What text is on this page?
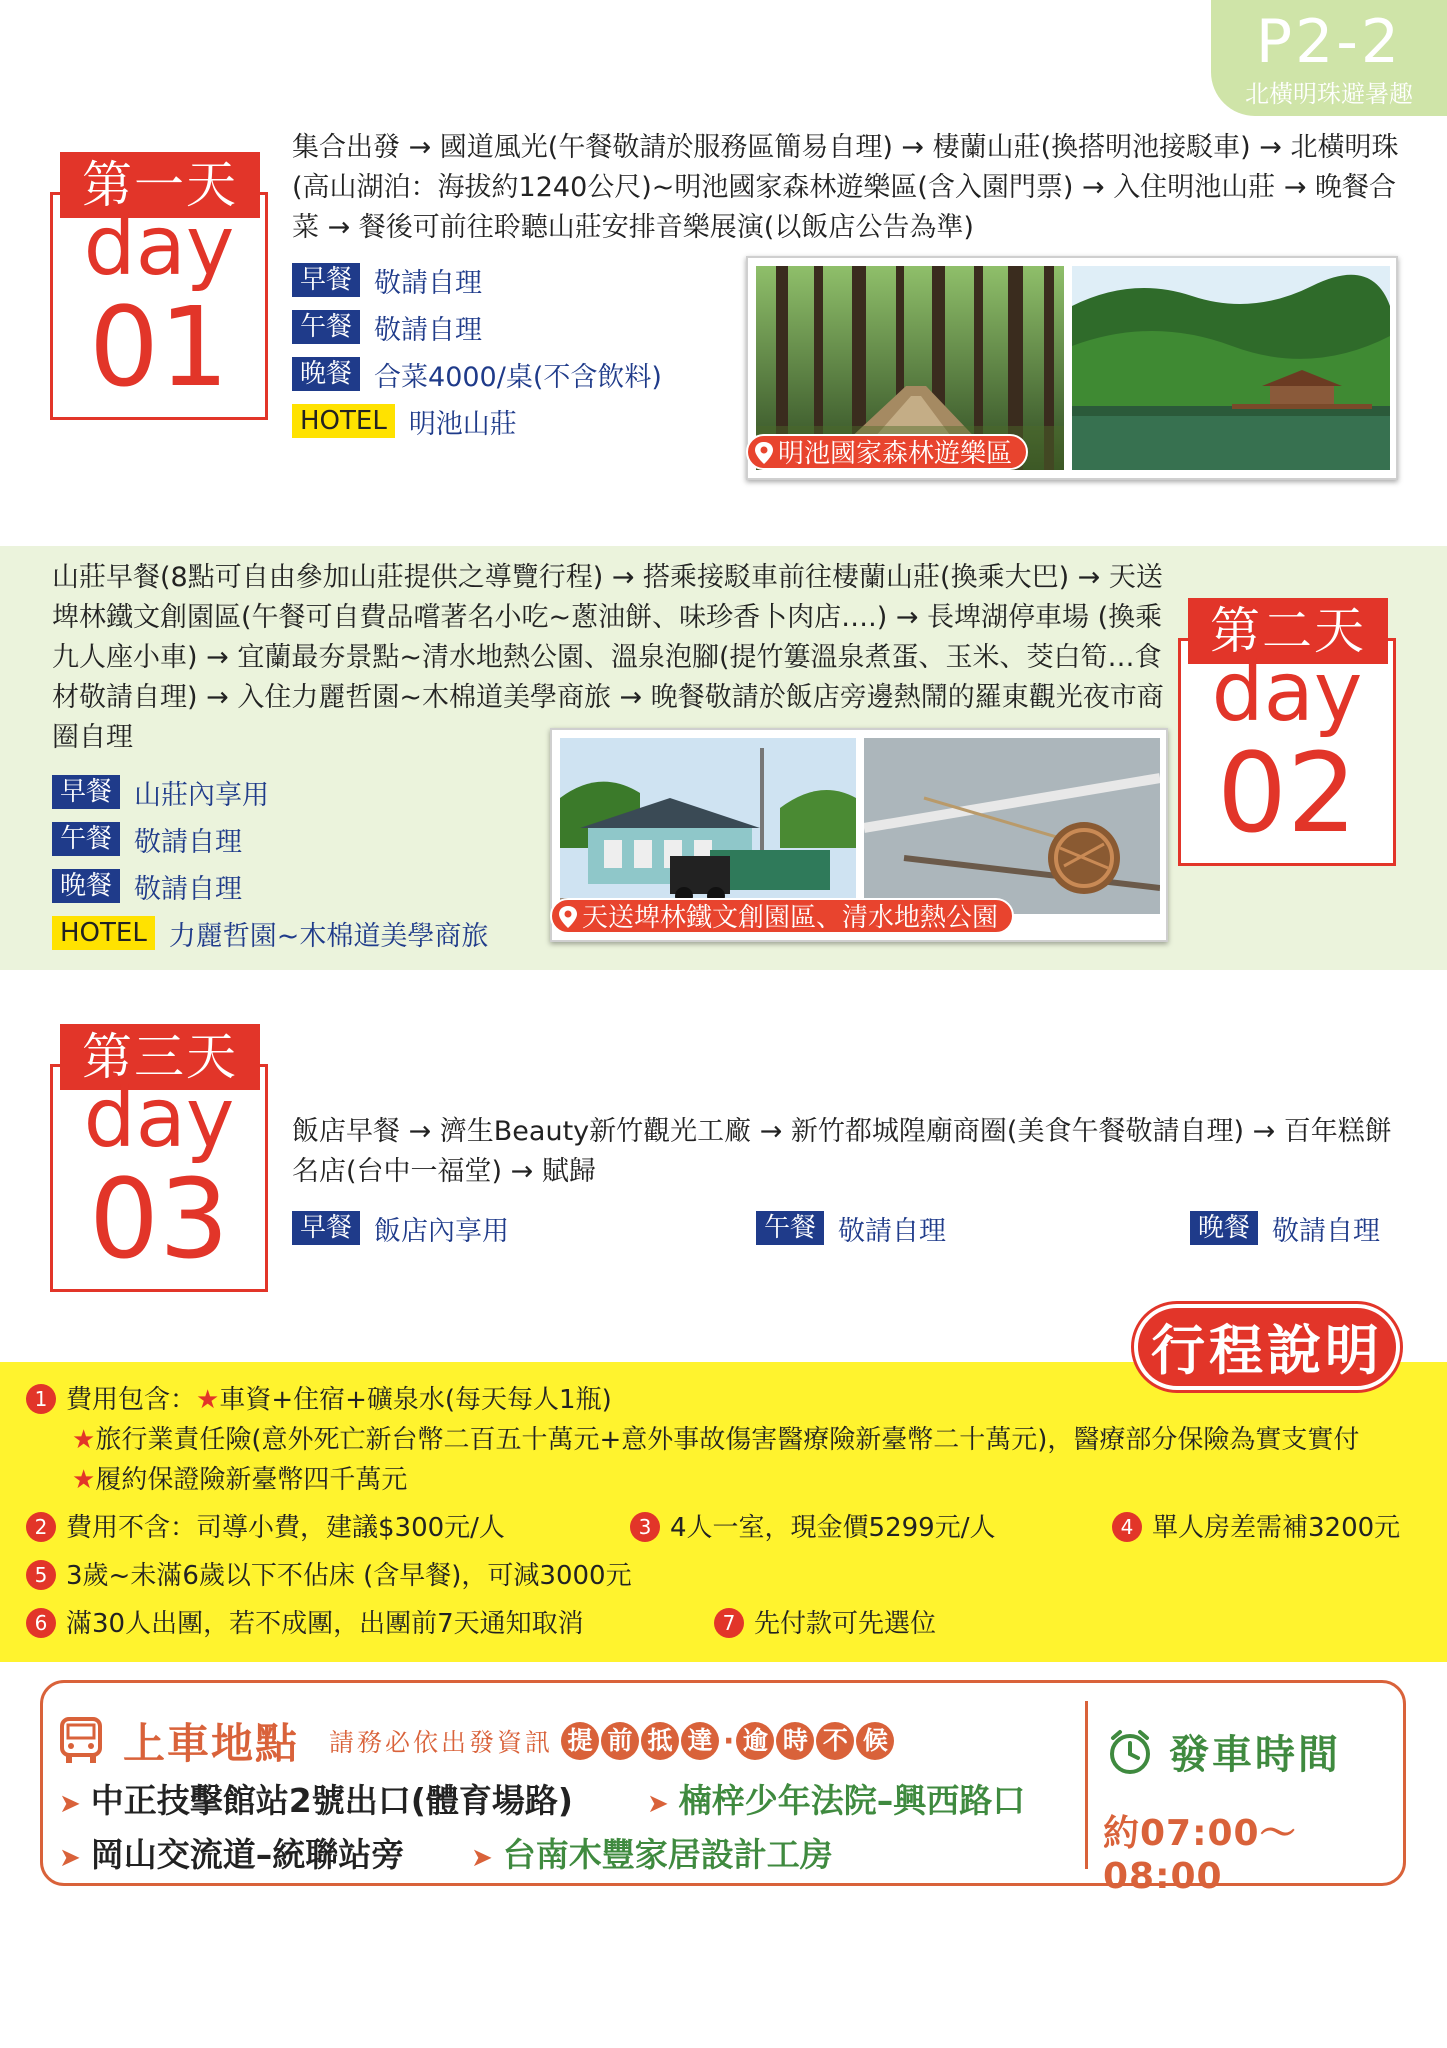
P2-2
北橫明珠避暑趣
第一天
day
01
集合出發 → 國道風光(午餐敬請於服務區簡易自理) → 棲蘭山莊(換搭明池接駁車) → 北橫明珠(高山湖泊：海拔約1240公尺)~明池國家森林遊樂區(含入園門票) → 入住明池山莊 → 晚餐合菜 → 餐後可前往聆聽山莊安排音樂展演(以飯店公告為準)
早餐 敬請自理
午餐 敬請自理
晚餐 合菜4000/桌(不含飲料)
HOTEL 明池山莊
明池國家森林遊樂區
山莊早餐(8點可自由參加山莊提供之導覽行程) → 搭乘接駁車前往棲蘭山莊(換乘大巴) → 天送埤林鐵文創園區(午餐可自費品嚐著名小吃~蔥油餅、味珍香卜肉店….) → 長埤湖停車場 (換乘九人座小車) → 宜蘭最夯景點~清水地熱公園、溫泉泡腳(提竹簍溫泉煮蛋、玉米、茭白筍…食材敬請自理) → 入住力麗哲園~木棉道美學商旅 → 晚餐敬請於飯店旁邊熱鬧的羅東觀光夜市商圈自理
第二天
day
02
早餐 山莊內享用
午餐 敬請自理
晚餐 敬請自理
HOTEL 力麗哲園~木棉道美學商旅
天送埤林鐵文創園區、清水地熱公園
第三天
day
03
飯店早餐 → 濟生Beauty新竹觀光工廠 → 新竹都城隍廟商圈(美食午餐敬請自理) → 百年糕餅名店(台中一福堂) → 賦歸
早餐 飯店內享用	午餐 敬請自理	晚餐 敬請自理
行程說明
1 費用包含：★車資+住宿+礦泉水(每天每人1瓶)
★旅行業責任險(意外死亡新台幣二百五十萬元+意外事故傷害醫療險新臺幣二十萬元)，醫療部分保險為實支實付
★履約保證險新臺幣四千萬元
2 費用不含：司導小費，建議$300元/人	3 4人一室，現金價5299元/人	4 單人房差需補3200元
5 3歲~未滿6歲以下不佔床 (含早餐)，可減3000元
6 滿30人出團，若不成團，出團前7天通知取消	7 先付款可先選位
上車地點 請務必依出發資訊 提 前 抵 達 · 逾 時 不 候
➤ 中正技擊館站2號出口(體育場路)	➤ 楠梓少年法院–興西路口
➤ 岡山交流道–統聯站旁	➤ 台南木豐家居設計工房
發車時間
約07:00～08:00
